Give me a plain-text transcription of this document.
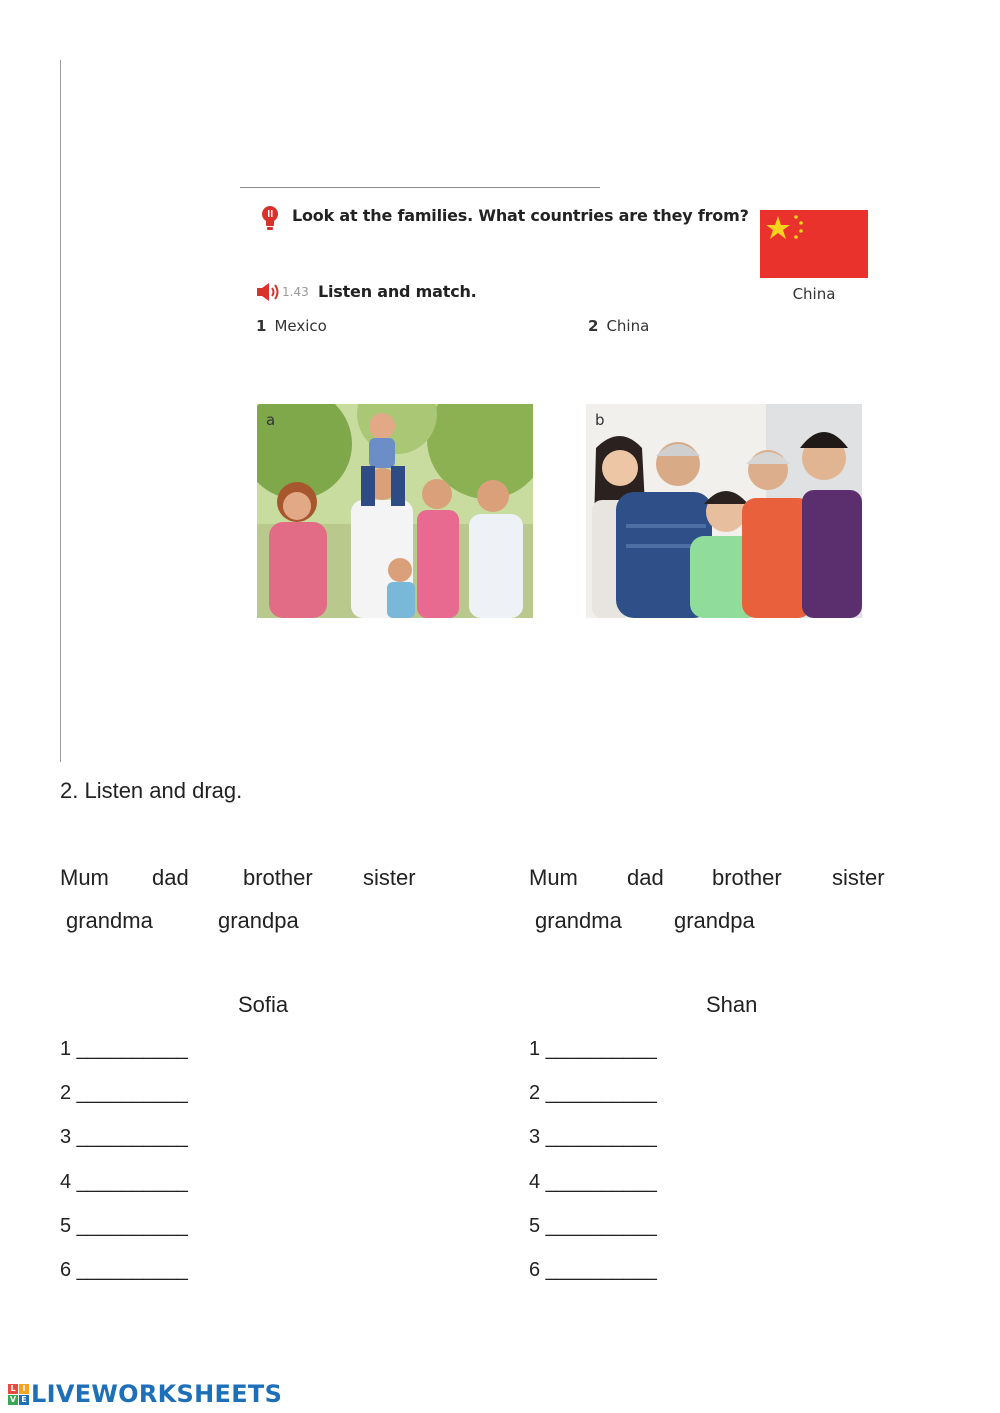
Look at the families. What countries are they from?
1.43 Listen and match.
1 Mexico	2 China
China
a	b
2. Listen and drag.
Mum dad brother sister
grandma	grandpa
Mum dad brother sister
grandma grandpa
Sofia	Shan
1 __________
2 __________
3 __________
4 __________
5 __________
6 __________
1 __________
2 __________
3 __________
4 __________
5 __________
6 __________
L I
V E LIVEWORKSHEETS
